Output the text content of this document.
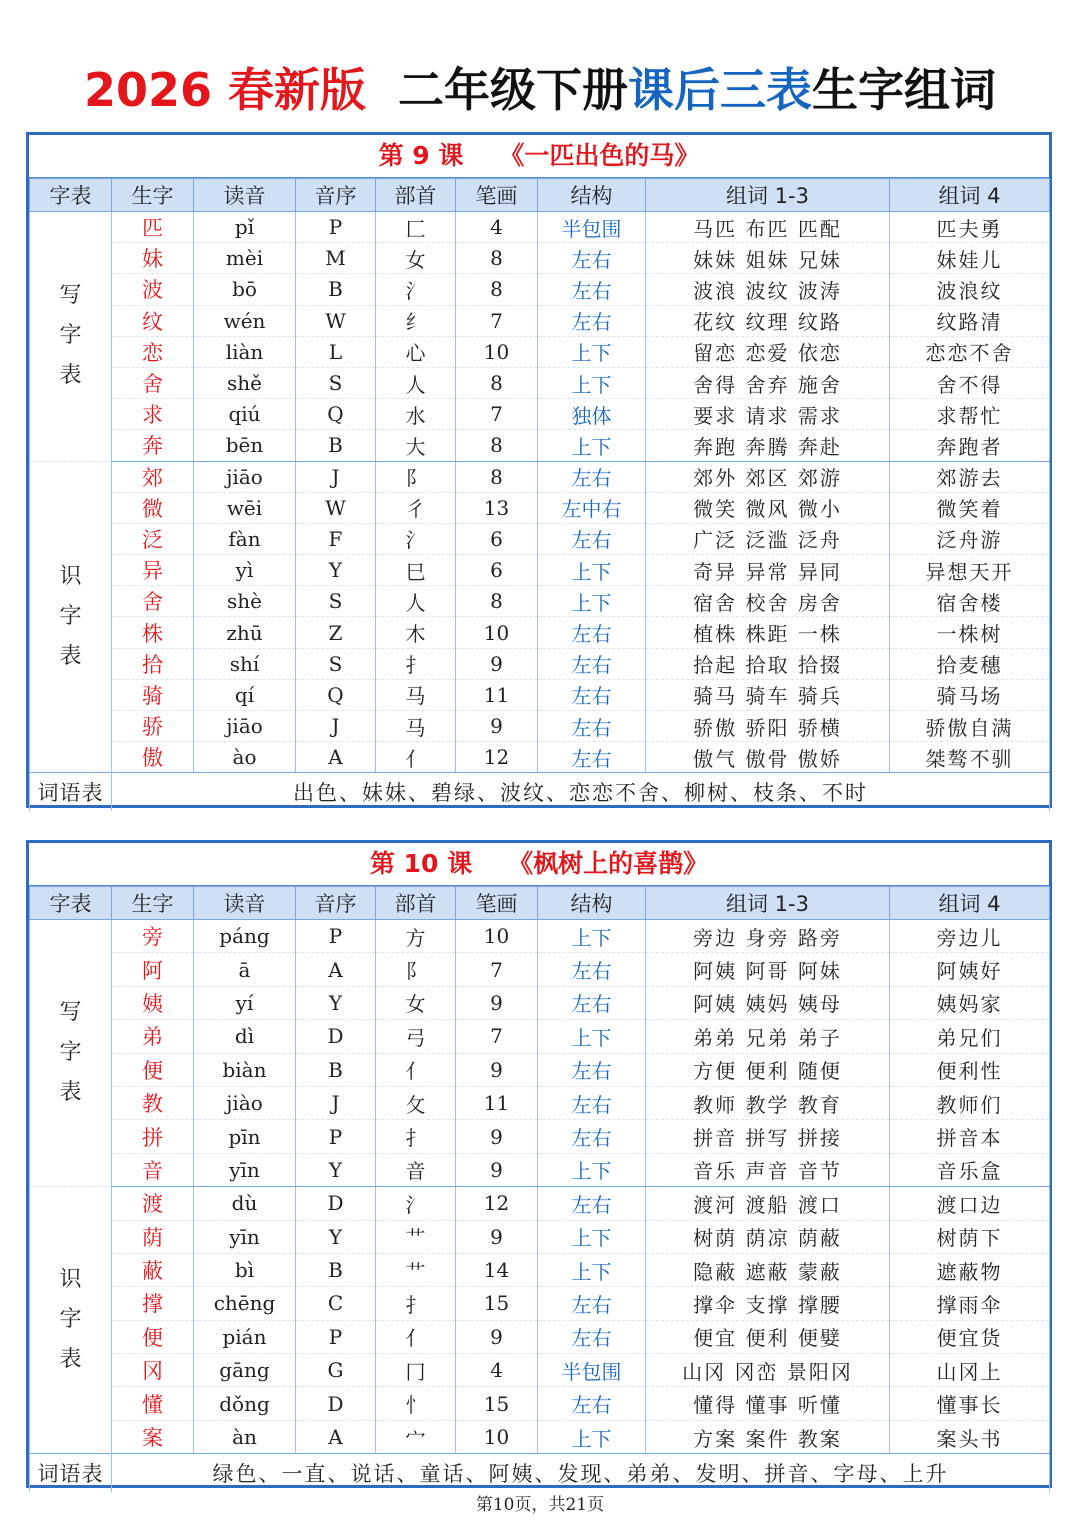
2026 春新版 二年级下册课后三表生字组词
第 9 课 《一匹出色的马》
字表	生字	读音	音序	部首	笔画	结构	组词 1-3	组词 4

写
字
表	匹	pǐ	P	匚	4	半包围	马匹 布匹 匹配	匹夫勇
	妹	mèi	M	女	8	左右	妹妹 姐妹 兄妹	妹娃儿
	波	bō	B	氵	8	左右	波浪 波纹 波涛	波浪纹
	纹	wén	W	纟	7	左右	花纹 纹理 纹路	纹路清
	恋	liàn	L	心	10	上下	留恋 恋爱 依恋	恋恋不舍
	舍	shě	S	人	8	上下	舍得 舍弃 施舍	舍不得
	求	qiú	Q	水	7	独体	要求 请求 需求	求帮忙
	奔	bēn	B	大	8	上下	奔跑 奔腾 奔赴	奔跑者

识
字
表	郊	jiāo	J	阝	8	左右	郊外 郊区 郊游	郊游去
	微	wēi	W	彳	13	左中右	微笑 微风 微小	微笑着
	泛	fàn	F	氵	6	左右	广泛 泛滥 泛舟	泛舟游
	异	yì	Y	巳	6	上下	奇异 异常 异同	异想天开
	舍	shè	S	人	8	上下	宿舍 校舍 房舍	宿舍楼
	株	zhū	Z	木	10	左右	植株 株距 一株	一株树
	拾	shí	S	扌	9	左右	拾起 拾取 拾掇	拾麦穗
	骑	qí	Q	马	11	左右	骑马 骑车 骑兵	骑马场
	骄	jiāo	J	马	9	左右	骄傲 骄阳 骄横	骄傲自满
	傲	ào	A	亻	12	左右	傲气 傲骨 傲娇	桀骜不驯
词语表	出色、妹妹、碧绿、波纹、恋恋不舍、柳树、枝条、不时							
第 10 课 《枫树上的喜鹊》
字表	生字	读音	音序	部首	笔画	结构	组词 1-3	组词 4

写
字
表	旁	páng	P	方	10	上下	旁边 身旁 路旁	旁边儿
	阿	ā	A	阝	7	左右	阿姨 阿哥 阿妹	阿姨好
	姨	yí	Y	女	9	左右	阿姨 姨妈 姨母	姨妈家
	弟	dì	D	弓	7	上下	弟弟 兄弟 弟子	弟兄们
	便	biàn	B	亻	9	左右	方便 便利 随便	便利性
	教	jiào	J	攵	11	左右	教师 教学 教育	教师们
	拼	pīn	P	扌	9	左右	拼音 拼写 拼接	拼音本
	音	yīn	Y	音	9	上下	音乐 声音 音节	音乐盒

识
字
表	渡	dù	D	氵	12	左右	渡河 渡船 渡口	渡口边
	荫	yīn	Y	艹	9	上下	树荫 荫凉 荫蔽	树荫下
	蔽	bì	B	艹	14	上下	隐蔽 遮蔽 蒙蔽	遮蔽物
	撑	chēng	C	扌	15	左右	撑伞 支撑 撑腰	撑雨伞
	便	pián	P	亻	9	左右	便宜 便利 便嬖	便宜货
	冈	gāng	G	冂	4	半包围	山冈 冈峦 景阳冈	山冈上
	懂	dǒng	D	忄	15	左右	懂得 懂事 听懂	懂事长
	案	àn	A	宀	10	上下	方案 案件 教案	案头书
词语表	绿色、一直、说话、童话、阿姨、发现、弟弟、发明、拼音、字母、上升							
第10页，共21页
